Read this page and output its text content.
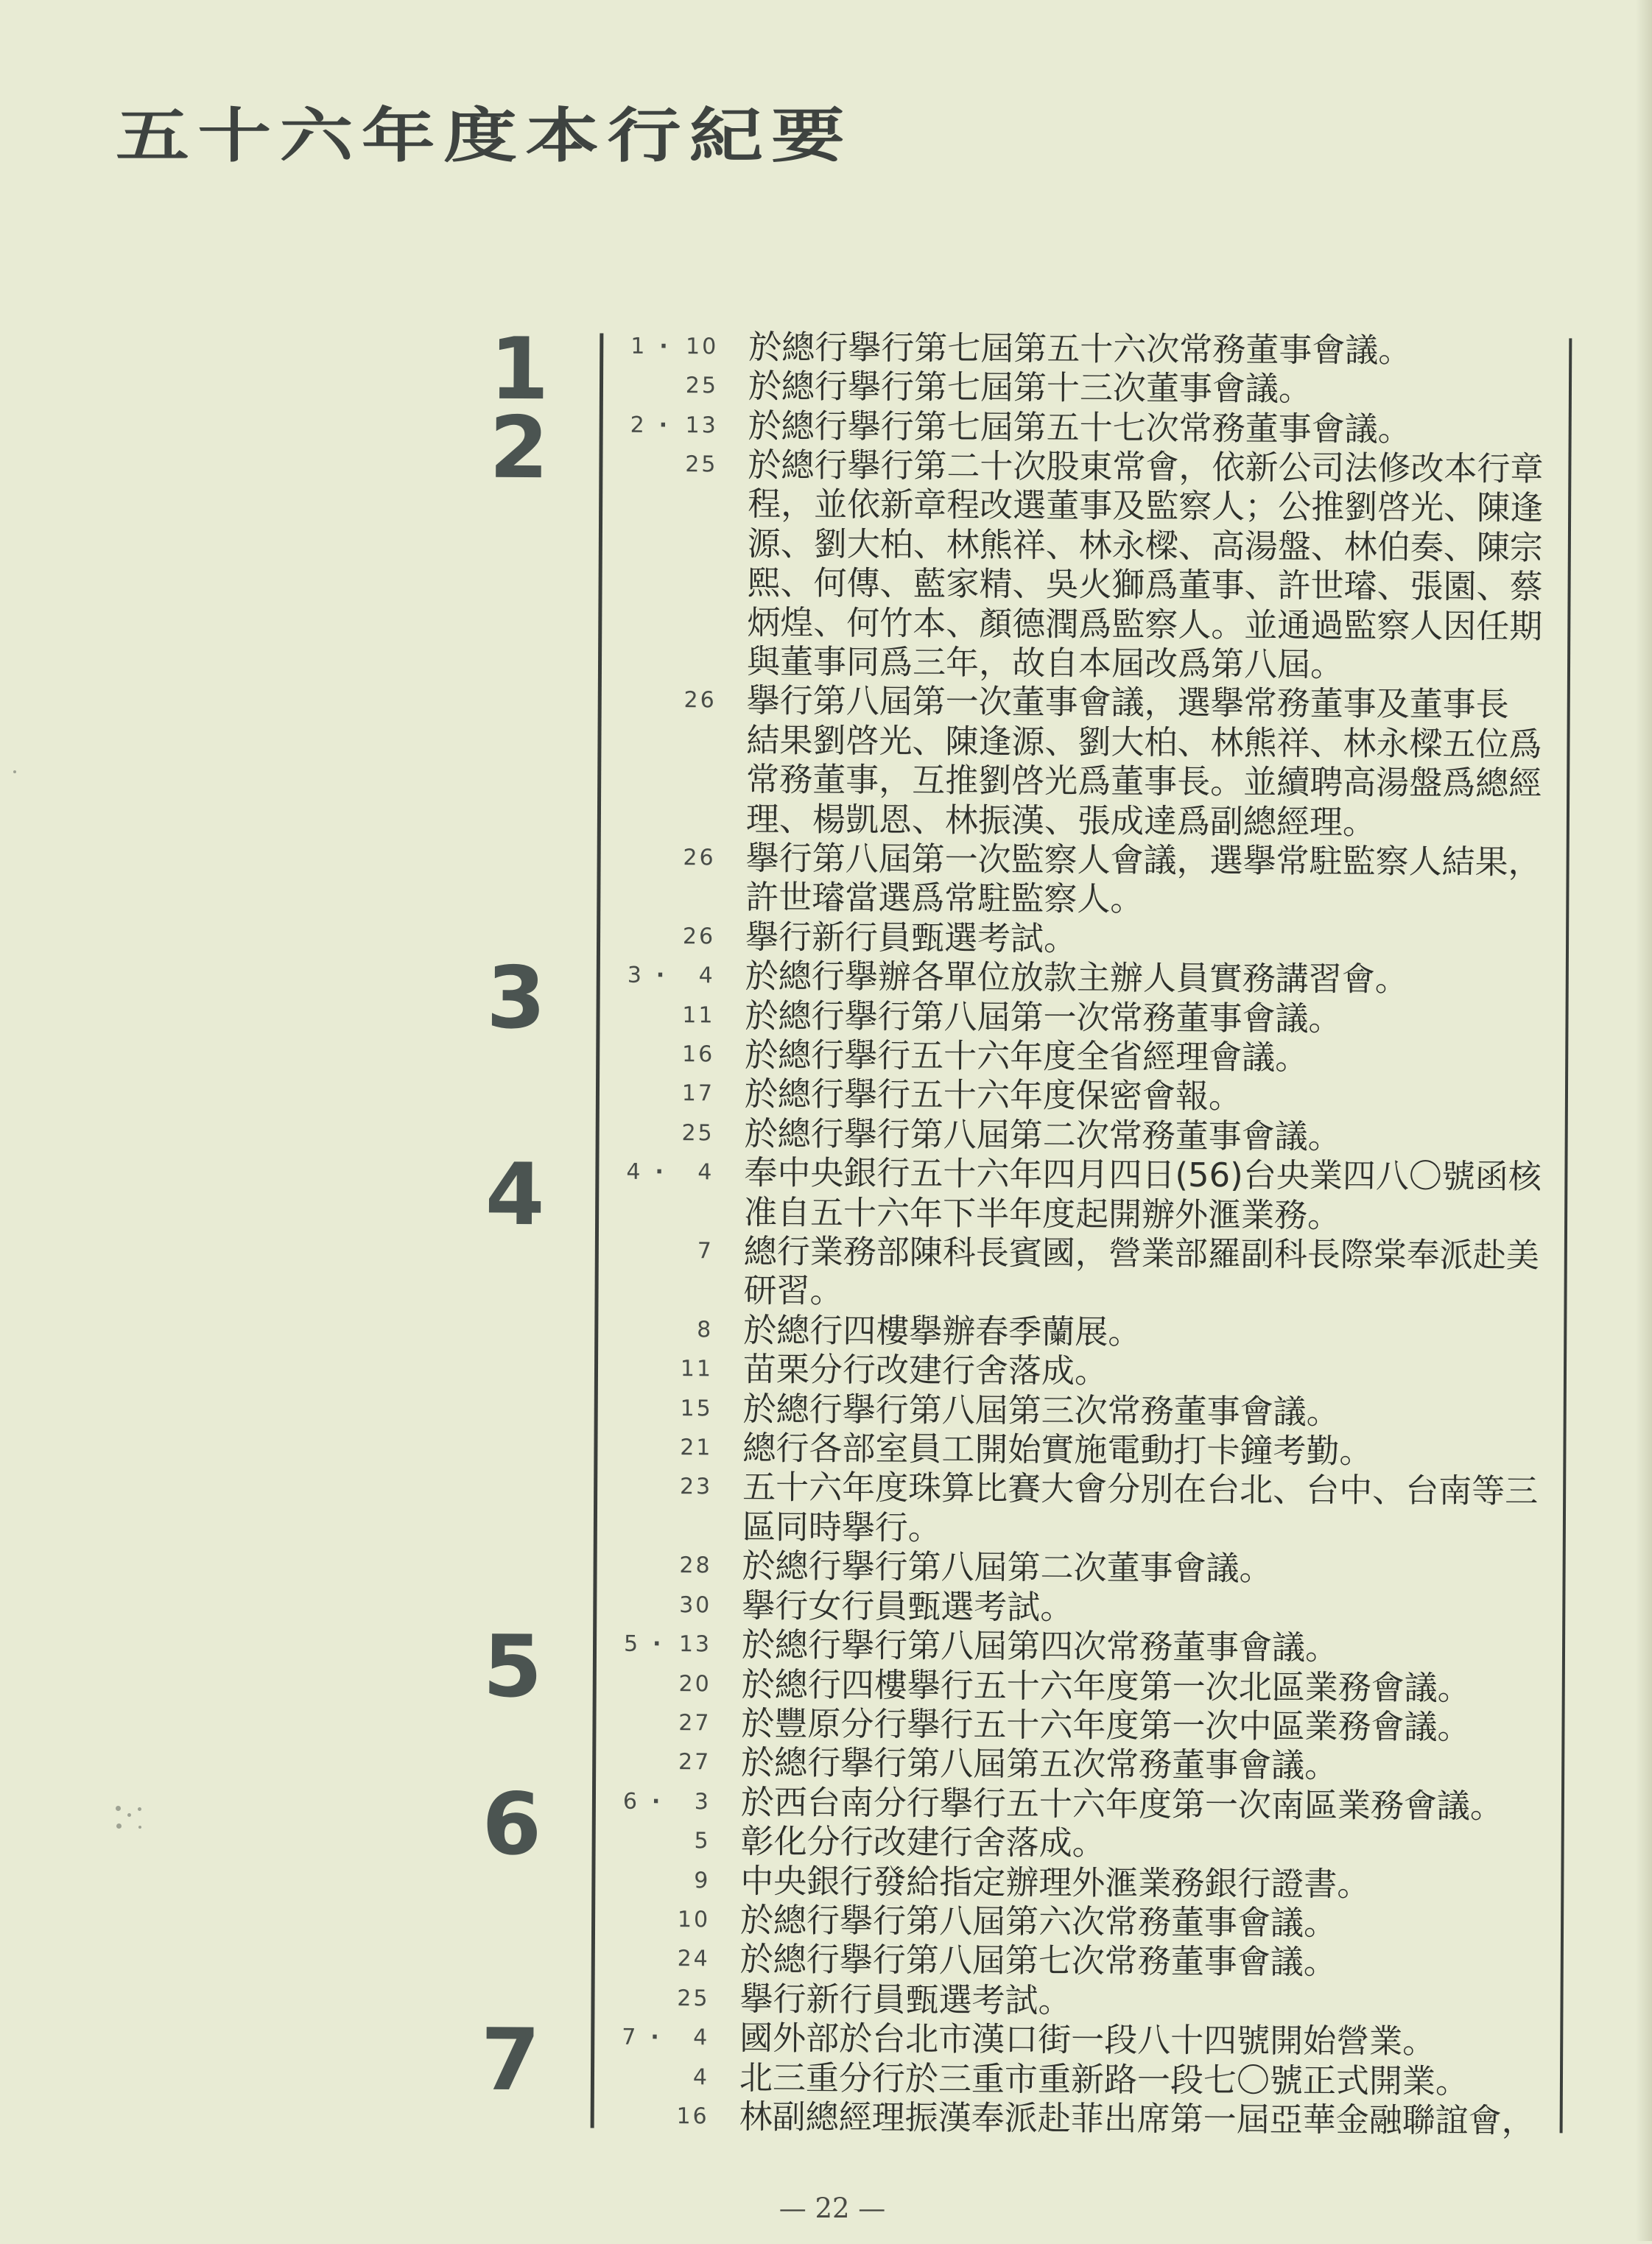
五十六年度本行紀要
1	1 · 10 於總行擧行第七屆第五十六次常務董事會議。
25 於總行擧行第七屆第十三次董事會議。
2	2 · 13 於總行擧行第七屆第五十七次常務董事會議。
25 於總行擧行第二十次股東常會，依新公司法修改本行章
程，並依新章程改選董事及監察人；公推劉啓光、陳逢
源、劉大柏、林熊祥、林永樑、高湯盤、林伯奏、陳宗
熙、何傳、藍家精、吳火獅爲董事、許世璿、張園、蔡
炳煌、何竹本、顏德潤爲監察人。並通過監察人因任期
與董事同爲三年，故自本屆改爲第八屆。
26 擧行第八屆第一次董事會議，選擧常務董事及董事長
結果劉啓光、陳逢源、劉大柏、林熊祥、林永樑五位爲
常務董事，互推劉啓光爲董事長。並續聘高湯盤爲總經
理、楊凱恩、林振漢、張成達爲副總經理。
26 擧行第八屆第一次監察人會議，選擧常駐監察人結果，
許世璿當選爲常駐監察人。
26 擧行新行員甄選考試。
3	3 · 4 於總行擧辦各單位放款主辦人員實務講習會。
11 於總行擧行第八屆第一次常務董事會議。
16 於總行擧行五十六年度全省經理會議。
17 於總行擧行五十六年度保密會報。
25 於總行擧行第八屆第二次常務董事會議。
4	4 · 4 奉中央銀行五十六年四月四日(56)台央業四八〇號函核
准自五十六年下半年度起開辦外滙業務。
7 總行業務部陳科長賓國，營業部羅副科長際棠奉派赴美
研習。
8 於總行四樓擧辦春季蘭展。
11 苗栗分行改建行舍落成。
15 於總行擧行第八屆第三次常務董事會議。
21 總行各部室員工開始實施電動打卡鐘考勤。
23 五十六年度珠算比賽大會分別在台北、台中、台南等三
區同時擧行。
28 於總行擧行第八屆第二次董事會議。
30 擧行女行員甄選考試。
5	5 · 13 於總行擧行第八屆第四次常務董事會議。
20 於總行四樓擧行五十六年度第一次北區業務會議。
27 於豐原分行擧行五十六年度第一次中區業務會議。
27 於總行擧行第八屆第五次常務董事會議。
6	6 · 3 於西台南分行擧行五十六年度第一次南區業務會議。
5 彰化分行改建行舍落成。
9 中央銀行發給指定辦理外滙業務銀行證書。
10 於總行擧行第八屆第六次常務董事會議。
24 於總行擧行第八屆第七次常務董事會議。
25 擧行新行員甄選考試。
7	7 · 4 國外部於台北市漢口街一段八十四號開始營業。
4 北三重分行於三重市重新路一段七〇號正式開業。
16 林副總經理振漢奉派赴菲出席第一屆亞華金融聯誼會，
— 22 —
